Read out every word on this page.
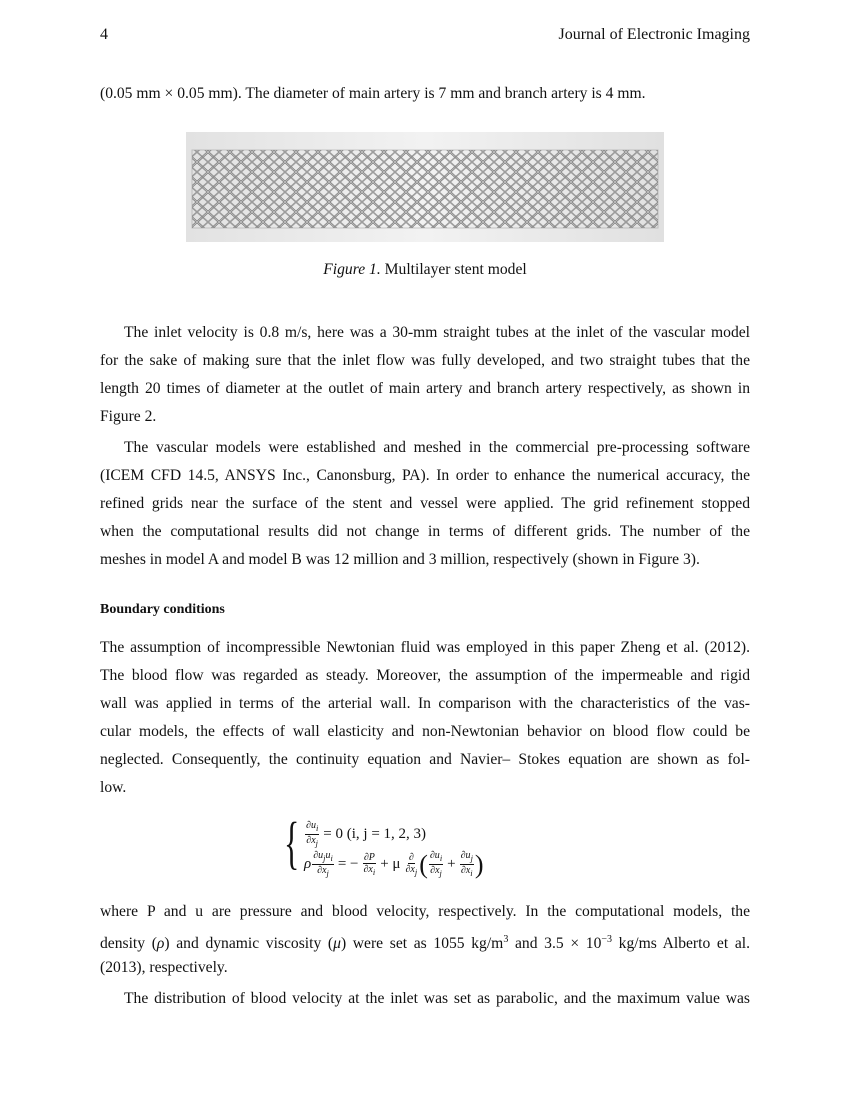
4	Journal of Electronic Imaging
(0.05 mm × 0.05 mm). The diameter of main artery is 7 mm and branch artery is 4 mm.
Figure 1. Multilayer stent model
The inlet velocity is 0.8 m/s, here was a 30-mm straight tubes at the inlet of the vascular model
for the sake of making sure that the inlet flow was fully developed, and two straight tubes that the
length 20 times of diameter at the outlet of main artery and branch artery respectively, as shown in
Figure 2.
The vascular models were established and meshed in the commercial pre-processing software
(ICEM CFD 14.5, ANSYS Inc., Canonsburg, PA). In order to enhance the numerical accuracy, the
refined grids near the surface of the stent and vessel were applied. The grid refinement stopped
when the computational results did not change in terms of different grids. The number of the
meshes in model A and model B was 12 million and 3 million, respectively (shown in Figure 3).
Boundary conditions
The assumption of incompressible Newtonian fluid was employed in this paper Zheng et al. (2012).
The blood flow was regarded as steady. Moreover, the assumption of the impermeable and rigid
wall was applied in terms of the arterial wall. In comparison with the characteristics of the vas-
cular models, the effects of wall elasticity and non-Newtonian behavior on blood flow could be
neglected. Consequently, the continuity equation and Navier– Stokes equation are shown as fol-
low.
{ $\frac{\partial u_i}{\partial x_j} = 0$ (i, j = 1, 2, 3)
ρ $\frac{\partial u_ju_i}{\partial x_j}$ = − $\frac{\partial P}{\partial x_i} + \mu \frac{\partial}{\partial x_j}$ ( $\frac{\partial u_i}{\partial x_j} + \frac{\partial u_j}{\partial x_i}$ )
where P and u are pressure and blood velocity, respectively. In the computational models, the
density (ρ) and dynamic viscosity (μ) were set as 1055 $kg/m^3$ and $3.5 \times 10^{-3}$ kg/ms Alberto et al.
(2013), respectively.
The distribution of blood velocity at the inlet was set as parabolic, and the maximum value was
